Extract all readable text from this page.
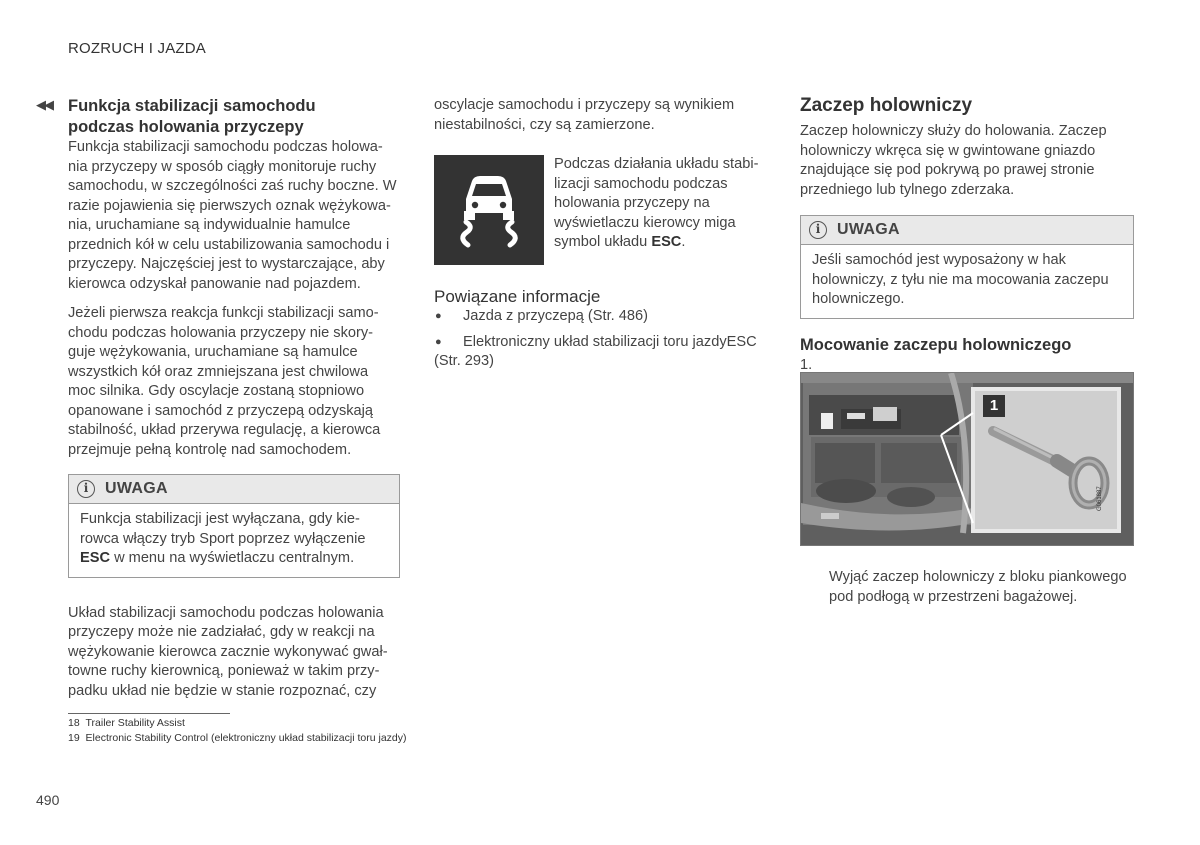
ROZRUCH I JAZDA
◀◀ Funkcja stabilizacji samochodu
podczas holowania przyczepy

Funkcja stabilizacji samochodu podczas holowa-
nia przyczepy w sposób ciągły monitoruje ruchy
samochodu, w szczególności zaś ruchy boczne. W
razie pojawienia się pierwszych oznak wężykowa-
nia, uruchamiane są indywidualnie hamulce
przednich kół w celu ustabilizowania samochodu i
przyczepy. Najczęściej jest to wystarczające, aby
kierowca odzyskał panowanie nad pojazdem.

Jeżeli pierwsza reakcja funkcji stabilizacji samo-
chodu podczas holowania przyczepy nie skory-
guje wężykowania, uruchamiane są hamulce
wszystkich kół oraz zmniejszana jest chwilowa
moc silnika. Gdy oscylacje zostaną stopniowo
opanowane i samochód z przyczepą odzyskają
stabilność, układ przerywa regulację, a kierowca
przejmuje pełną kontrolę nad samochodem.

i	UWAGA
Funkcja stabilizacji jest wyłączana, gdy kie-
rowca włączy tryb Sport poprzez wyłączenie
ESC w menu na wyświetlaczu centralnym.

Układ stabilizacji samochodu podczas holowania
przyczepy może nie zadziałać, gdy w reakcji na
wężykowanie kierowca zacznie wykonywać gwał-
towne ruchy kierownicą, ponieważ w takim przy-
padku układ nie będzie w stanie rozpoznać, czy

oscylacje samochodu i przyczepy są wynikiem
niestabilności, czy są zamierzone.

Podczas działania układu stabi-
lizacji samochodu podczas
holowania przyczepy na
wyświetlaczu kierowcy miga
symbol układu ESC.
Powiązane informacje
●	Jazda z przyczepą (Str. 486)
●	Elektroniczny układ stabilizacji toru jazdyESC
(Str. 293)
Zaczep holowniczy

Zaczep holowniczy służy do holowania. Zaczep
holowniczy wkręca się w gwintowane gniazdo
znajdujące się pod pokrywą po prawej stronie
przedniego lub tylnego zderzaka.

i	UWAGA
Jeśli samochód jest wyposażony w hak
holowniczy, z tyłu nie ma mocowania zaczepu
holowniczego.
Mocowanie zaczepu holowniczego
1.
1
G061887
Wyjąć zaczep holowniczy z bloku piankowego
pod podłogą w przestrzeni bagażowej.
18 Trailer Stability Assist
19 Electronic Stability Control (elektroniczny układ stabilizacji toru jazdy)
490
